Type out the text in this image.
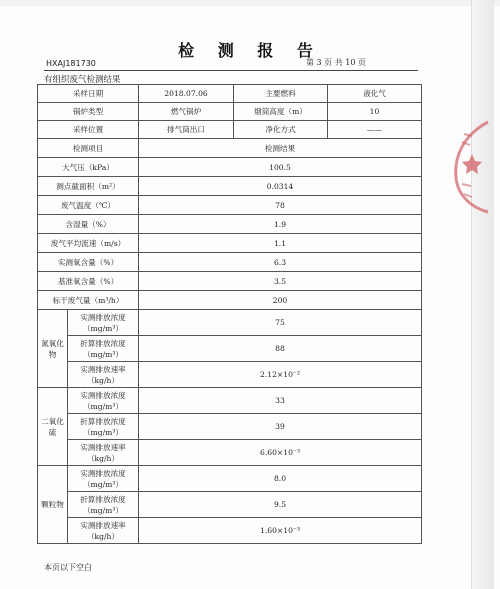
检 测 报 告
HXAJ181730	第 3 页 共 10 页
有组织废气检测结果
采样日期		2018.07.06	主要燃料	液化气
锅炉类型		燃气锅炉	烟筒高度（m）	10
采样位置		排气筒出口	净化方式	——
检测项目		检测结果		
大气压（kPa）		100.5		
测点截面积（m²）		0.0314		
废气温度（℃）		78		
含湿量（%）		1.9		
废气平均流速（m/s）		1.1		
实测氧含量（%）		6.3		
基准氧含量（%）		3.5		
标干废气量（m³/h）		200		
氮氧化物	实测排放浓度（mg/m³）	75		
	折算排放浓度（mg/m³）	88		
	实测排放速率（kg/h）	2.12×10⁻²		
二氧化硫	实测排放浓度（mg/m³）	33		
	折算排放浓度（mg/m³）	39		
	实测排放速率（kg/h）	6.60×10⁻³		
颗粒物	实测排放浓度（mg/m³）	8.0		
	折算排放浓度（mg/m³）	9.5		
	实测排放速率（kg/h）	1.60×10⁻³		
本页以下空白
